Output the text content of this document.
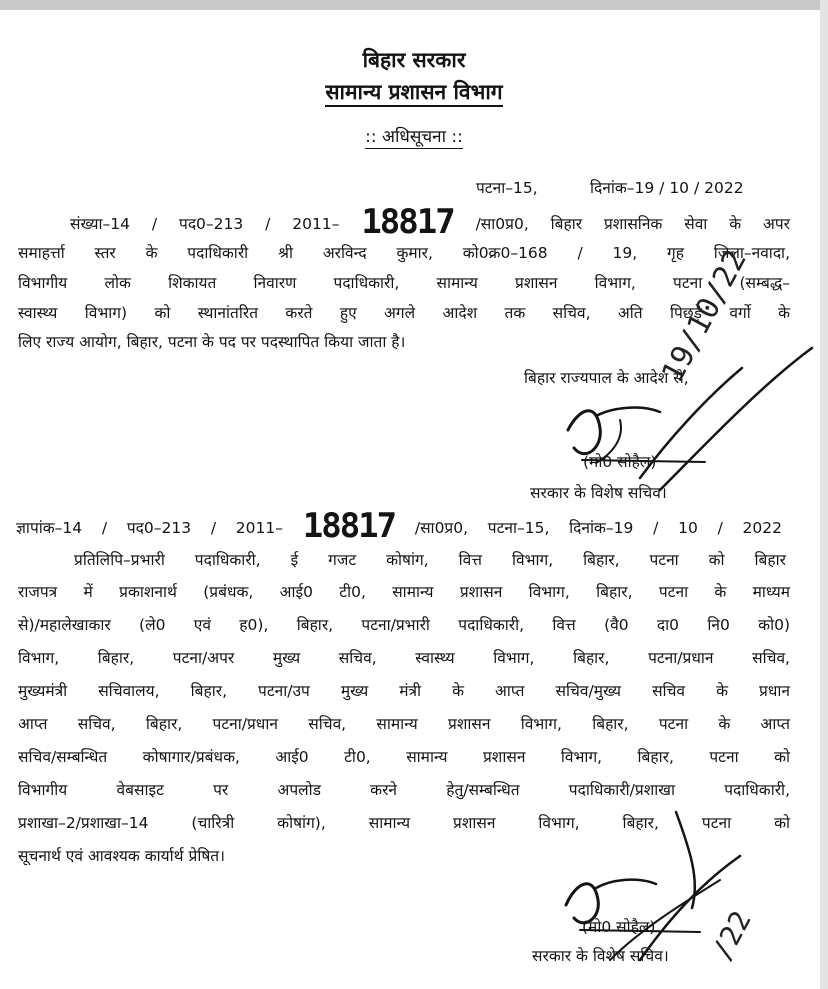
बिहार सरकार
सामान्य प्रशासन विभाग
:: अधिसूचना ::
पटना–15,	दिनांक–19 / 10 / 2022
संख्या–14 / पद0–213 / 2011– 18817 /सा0प्र0, बिहार प्रशासनिक सेवा के अपर
समाहर्त्ता स्तर के पदाधिकारी श्री अरविन्द कुमार, को0क्र0–168 / 19, गृह जिला–नवादा,
विभागीय लोक शिकायत निवारण पदाधिकारी, सामान्य प्रशासन विभाग, पटना (सम्बद्ध–
स्वास्थ्य विभाग) को स्थानांतरित करते हुए अगले आदेश तक सचिव, अति पिछड़े वर्गो के
लिए राज्य आयोग, बिहार, पटना के पद पर पदस्थापित किया जाता है।
बिहार राज्यपाल के आदेश से,
(मो0 सोहैल)
सरकार के विशेष सचिव।
19/10/22
ज्ञापांक–14 / पद0–213 / 2011– 18817 /सा0प्र0, पटना–15, दिनांक–19 / 10 / 2022
प्रतिलिपि–प्रभारी पदाधिकारी, ई गजट कोषांग, वित्त विभाग, बिहार, पटना को बिहार
राजपत्र में प्रकाशनार्थ (प्रबंधक, आई0 टी0, सामान्य प्रशासन विभाग, बिहार, पटना के माध्यम
से)/महालेखाकार (ले0 एवं ह0), बिहार, पटना/प्रभारी पदाधिकारी, वित्त (वै0 दा0 नि0 को0)
विभाग, बिहार, पटना/अपर मुख्य सचिव, स्वास्थ्य विभाग, बिहार, पटना/प्रधान सचिव,
मुख्यमंत्री सचिवालय, बिहार, पटना/उप मुख्य मंत्री के आप्त सचिव/मुख्य सचिव के प्रधान
आप्त सचिव, बिहार, पटना/प्रधान सचिव, सामान्य प्रशासन विभाग, बिहार, पटना के आप्त
सचिव/सम्बन्धित कोषागार/प्रबंधक, आई0 टी0, सामान्य प्रशासन विभाग, बिहार, पटना को
विभागीय वेबसाइट पर अपलोड करने हेतु/सम्बन्धित पदाधिकारी/प्रशाखा पदाधिकारी,
प्रशाखा–2/प्रशाखा–14 (चारित्री कोषांग), सामान्य प्रशासन विभाग, बिहार, पटना को
सूचनार्थ एवं आवश्यक कार्यार्थ प्रेषित।
(मो0 सोहैल)
सरकार के विशेष सचिव। /22
